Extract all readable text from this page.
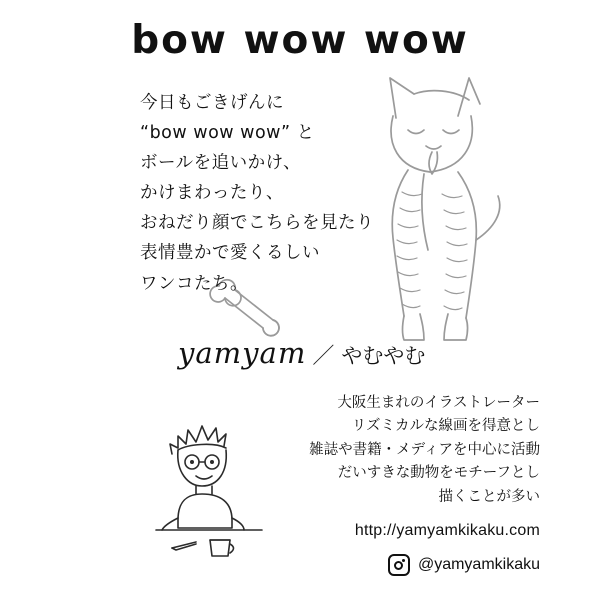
bow wow wow
今日もごきげんに
“bow wow wow” と
ボールを追いかけ、
かけまわったり、
おねだり顔でこちらを見たり
表情豊かで愛くるしい
ワンコたち。
yamyam ／ やむやむ
大阪生まれのイラストレーター
リズミカルな線画を得意とし
雑誌や書籍・メディアを中心に活動
だいすきな動物をモチーフとし
描くことが多い
http://yamyamkikaku.com
@yamyamkikaku
